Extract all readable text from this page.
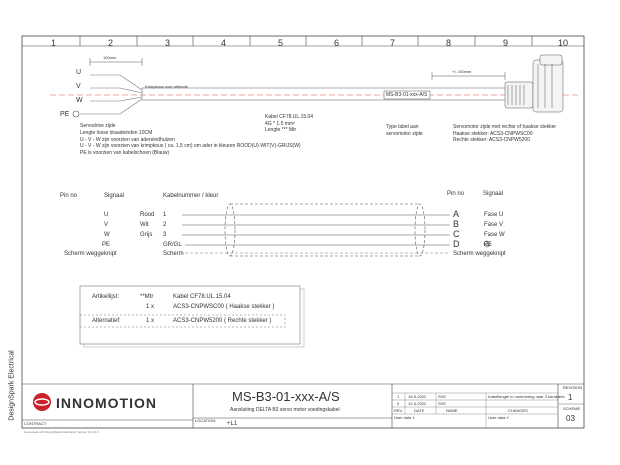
1	2	3	4	5	6	7	8	9	10
100mm
U
V
W
PE
Krimpkous over uiteinde
MS-B3-01-xxx-A/S
+/- 100mm
Kabel CF78.UL.15.04
4G * 1.5 mm²
Lengte *** Mtr	Type label aan
servomotor zijde
Servodrive zijde
Lengte losse draadeinden 10CM
U - V - W zijn voorzien van adereindhulzen
U - V - W zijn voorzien van krimpkous ( ca. 1,5 cm) om ader in kleuren ROOD(U)-WIT(V)-GRIJS(W)
PE is voorzien van kabelschoen (Blauw)
Servomotor zijde met rechte of haakse stekker
Haakse stekker: ACS3-CNPWSC00
Rechte stekker: ACS3-CNPW5200
Pin no	Signaal	Kabelnummer / kleur	Pin no	Signaal
U	Rood 1	A	Fase U
V	Wit 2	B	Fase V
W	Grijs 3	C	Fase W
PE	GR/GL	D	PE
Scherm weggeknipt	Scherm	Scherm weggeknipt
Artikellijst:	**Mtr	Kabel CF78.UL.15.04
1 x	ACS3-CNPWSC00 ( Haakse stekker )
Alternatief:	1 x	ACS3-CNPW5200 ( Rechte stekker )
INNOMOTION
CONTRACT:
MS-B3-01-xxx-A/S
Aansluiting DELTA B3 servo motor voedingskabel
LOCATION:
+L1
1 19-9-2022	SVE	Kabellengte in nummering naar 3 karakters
0 12-5-2022	SVE
REV.	DATE	NAME	CHANGES
User data 1	User data 2
REVISION
1
SCHEME
03
DesignSpark Electrical
Generated with DesignSpark Electrical. Version 11.0.0.0
